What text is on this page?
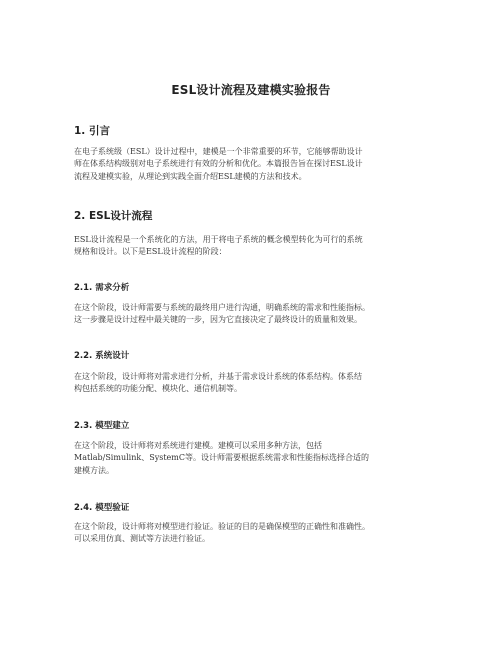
ESL设计流程及建模实验报告
1. 引言
在电子系统级（ESL）设计过程中，建模是一个非常重要的环节，它能够帮助设计
师在体系结构级别对电子系统进行有效的分析和优化。本篇报告旨在探讨ESL设计
流程及建模实验，从理论到实践全面介绍ESL建模的方法和技术。
2. ESL设计流程
ESL设计流程是一个系统化的方法，用于将电子系统的概念模型转化为可行的系统
规格和设计。以下是ESL设计流程的阶段：
2.1. 需求分析
在这个阶段，设计师需要与系统的最终用户进行沟通，明确系统的需求和性能指标。
这一步骤是设计过程中最关键的一步，因为它直接决定了最终设计的质量和效果。
2.2. 系统设计
在这个阶段，设计师将对需求进行分析，并基于需求设计系统的体系结构。体系结
构包括系统的功能分配、模块化、通信机制等。
2.3. 模型建立
在这个阶段，设计师将对系统进行建模。建模可以采用多种方法，包括
Matlab/Simulink、SystemC等。设计师需要根据系统需求和性能指标选择合适的
建模方法。
2.4. 模型验证
在这个阶段，设计师将对模型进行验证。验证的目的是确保模型的正确性和准确性。
可以采用仿真、测试等方法进行验证。
